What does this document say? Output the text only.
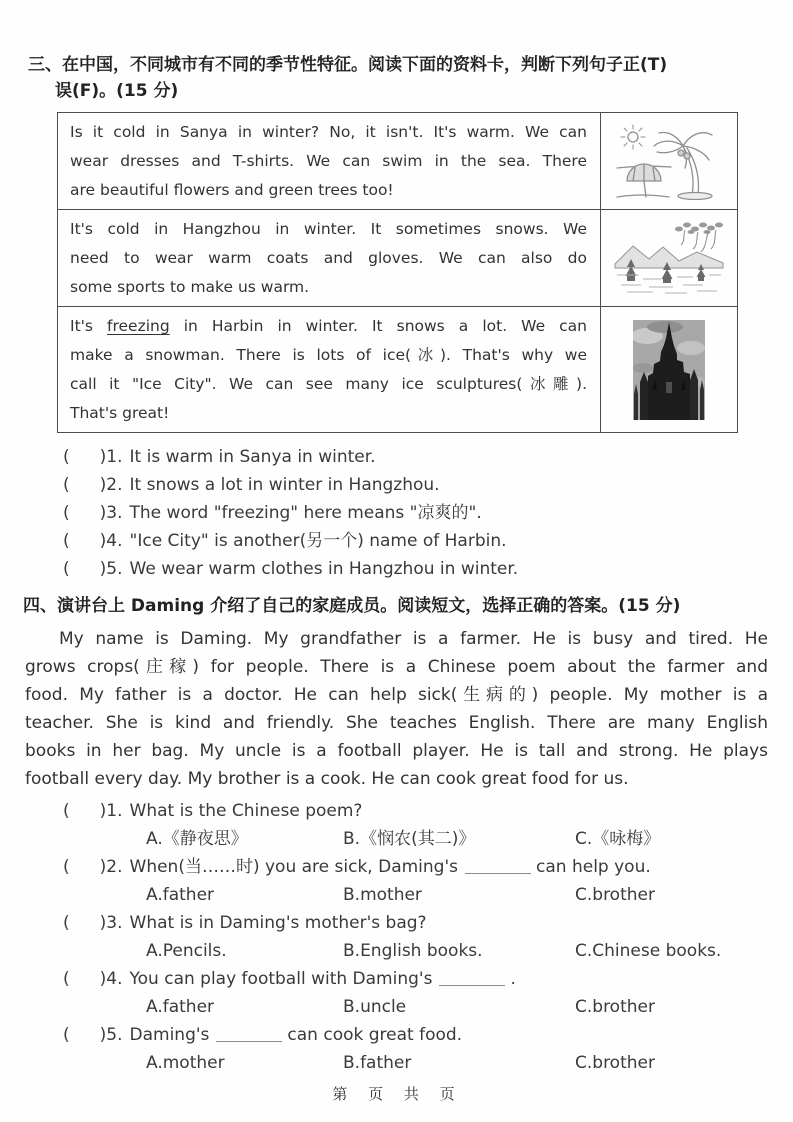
三、在中国，不同城市有不同的季节性特征。阅读下面的资料卡，判断下列句子正(T)
误(F)。(15 分)
Is it cold in Sanya in winter? No, it isn't. It's warm. We can
wear dresses and T-shirts. We can swim in the sea. There
are beautiful flowers and green trees too!

It's cold in Hangzhou in winter. It sometimes snows. We
need to wear warm coats and gloves. We can also do
some sports to make us warm.

It's freezing in Harbin in winter. It snows a lot. We can
make a snowman. There is lots of ice(冰). That's why we
call it "Ice City". We can see many ice sculptures(冰雕).
That's great!

( )1. It is warm in Sanya in winter.
( )2. It snows a lot in winter in Hangzhou.
( )3. The word "freezing" here means "凉爽的".
( )4. "Ice City" is another(另一个) name of Harbin.
( )5. We wear warm clothes in Hangzhou in winter.
四、演讲台上 Daming 介绍了自己的家庭成员。阅读短文，选择正确的答案。(15 分)
My name is Daming. My grandfather is a farmer. He is busy and tired. He
grows crops(庄稼) for people. There is a Chinese poem about the farmer and
food. My father is a doctor. He can help sick(生病的) people. My mother is a
teacher. She is kind and friendly. She teaches English. There are many English
books in her bag. My uncle is a football player. He is tall and strong. He plays
football every day. My brother is a cook. He can cook great food for us.
( )1. What is the Chinese poem?
A.《静夜思》	B.《悯农(其二)》	C.《咏梅》
( )2. When(当……时) you are sick, Daming's	can help you.
A.father	B.mother	C.brother
( )3. What is in Daming's mother's bag?
A.Pencils.	B.English books.	C.Chinese books.
( )4. You can play football with Daming's	.
A.father	B.uncle	C.brother
( )5. Daming's	can cook great food.
A.mother	B.father	C.brother
第 页 共 页
